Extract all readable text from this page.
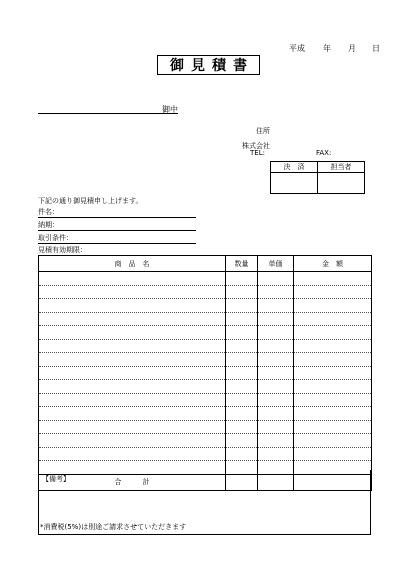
平成 年 月 日
御見積書
御中
住所
株式会社
TEL:	FAX:
決　済	担当者

下記の通り御見積申し上げます。
件名：
納期：
取引条件：
見積有効期限：
商　品　名	数量	単価	金　額

合　　　計			
【備考】
*消費税(5%)は別途ご請求させていただきます
